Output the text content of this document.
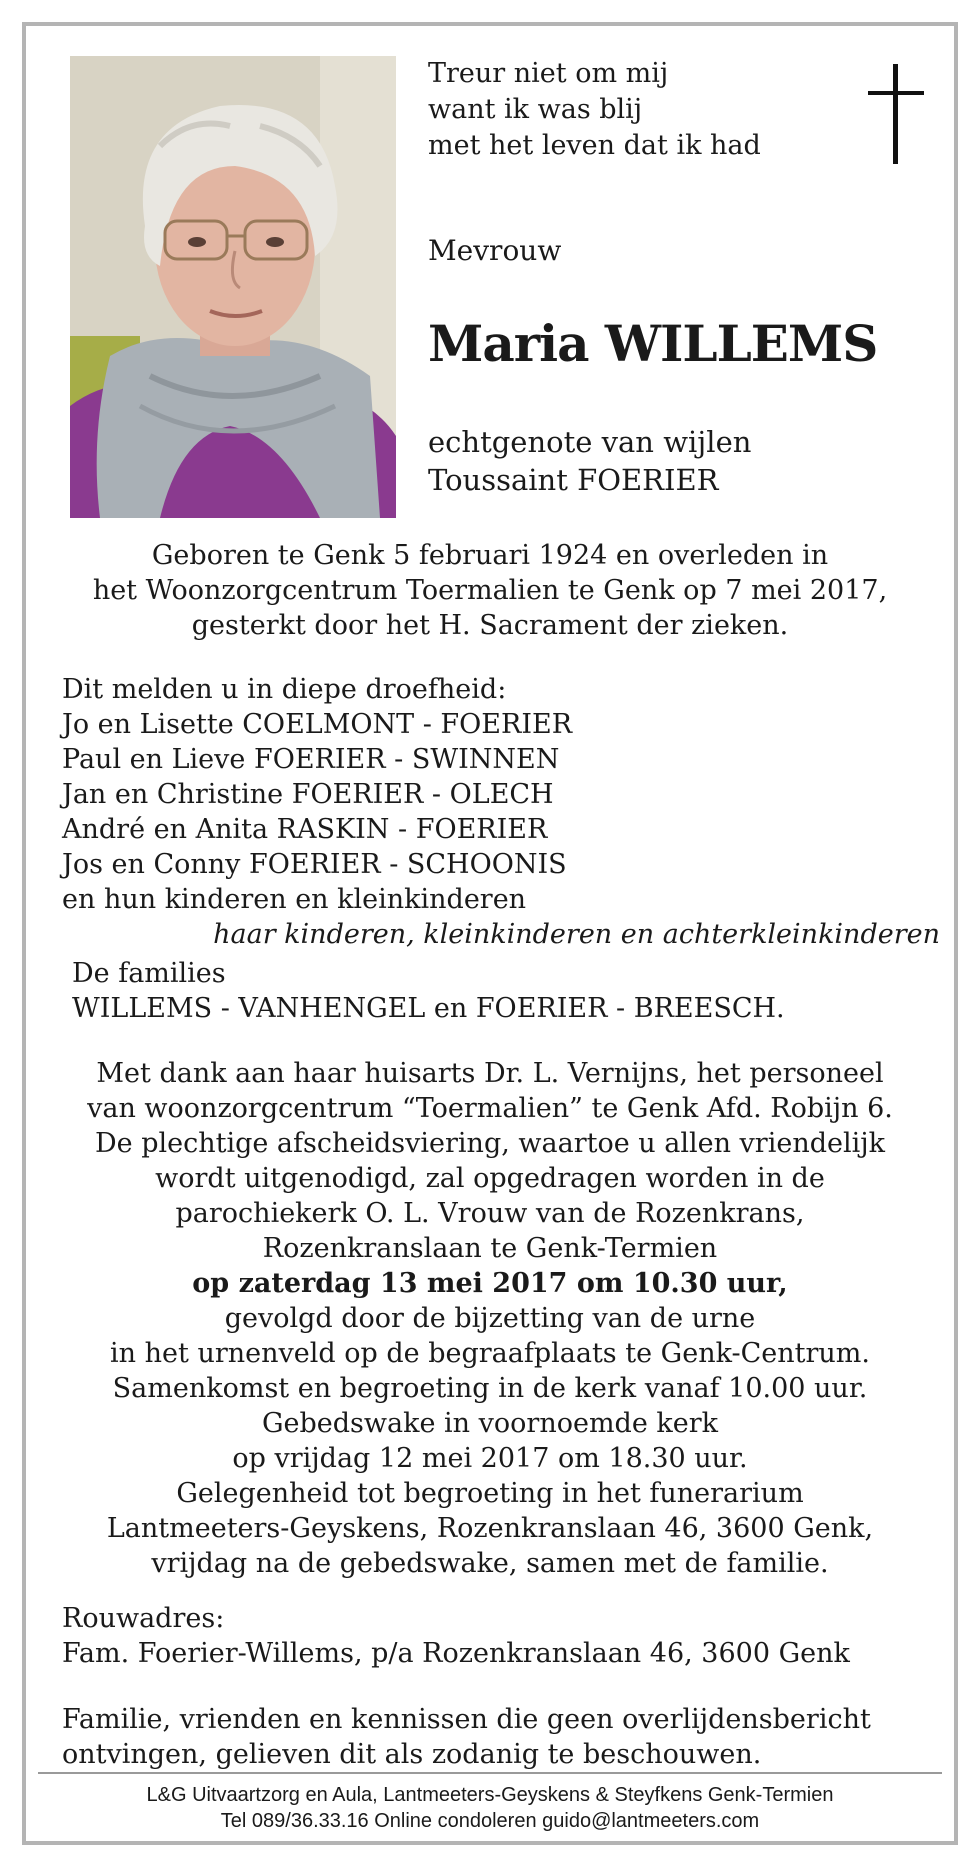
Treur niet om mij
want ik was blij
met het leven dat ik had
Mevrouw
Maria WILLEMS
echtgenote van wijlen
Toussaint FOERIER
Geboren te Genk 5 februari 1924 en overleden in
het Woonzorgcentrum Toermalien te Genk op 7 mei 2017,
gesterkt door het H. Sacrament der zieken.
Dit melden u in diepe droefheid:
Jo en Lisette COELMONT - FOERIER
Paul en Lieve FOERIER - SWINNEN
Jan en Christine FOERIER - OLECH
André en Anita RASKIN - FOERIER
Jos en Conny FOERIER - SCHOONIS
en hun kinderen en kleinkinderen
haar kinderen, kleinkinderen en achterkleinkinderen
De families
WILLEMS - VANHENGEL en FOERIER - BREESCH.
Met dank aan haar huisarts Dr. L. Vernijns, het personeel
van woonzorgcentrum “Toermalien” te Genk Afd. Robijn 6.
De plechtige afscheidsviering, waartoe u allen vriendelijk
wordt uitgenodigd, zal opgedragen worden in de
parochiekerk O. L. Vrouw van de Rozenkrans,
Rozenkranslaan te Genk-Termien
op zaterdag 13 mei 2017 om 10.30 uur,
gevolgd door de bijzetting van de urne
in het urnenveld op de begraafplaats te Genk-Centrum.
Samenkomst en begroeting in de kerk vanaf 10.00 uur.
Gebedswake in voornoemde kerk
op vrijdag 12 mei 2017 om 18.30 uur.
Gelegenheid tot begroeting in het funerarium
Lantmeeters-Geyskens, Rozenkranslaan 46, 3600 Genk,
vrijdag na de gebedswake, samen met de familie.
Rouwadres:
Fam. Foerier-Willems, p/a Rozenkranslaan 46, 3600 Genk
Familie, vrienden en kennissen die geen overlijdensbericht
ontvingen, gelieven dit als zodanig te beschouwen.
L&G Uitvaartzorg en Aula, Lantmeeters-Geyskens & Steyfkens Genk-Termien
Tel 089/36.33.16 Online condoleren guido@lantmeeters.com
